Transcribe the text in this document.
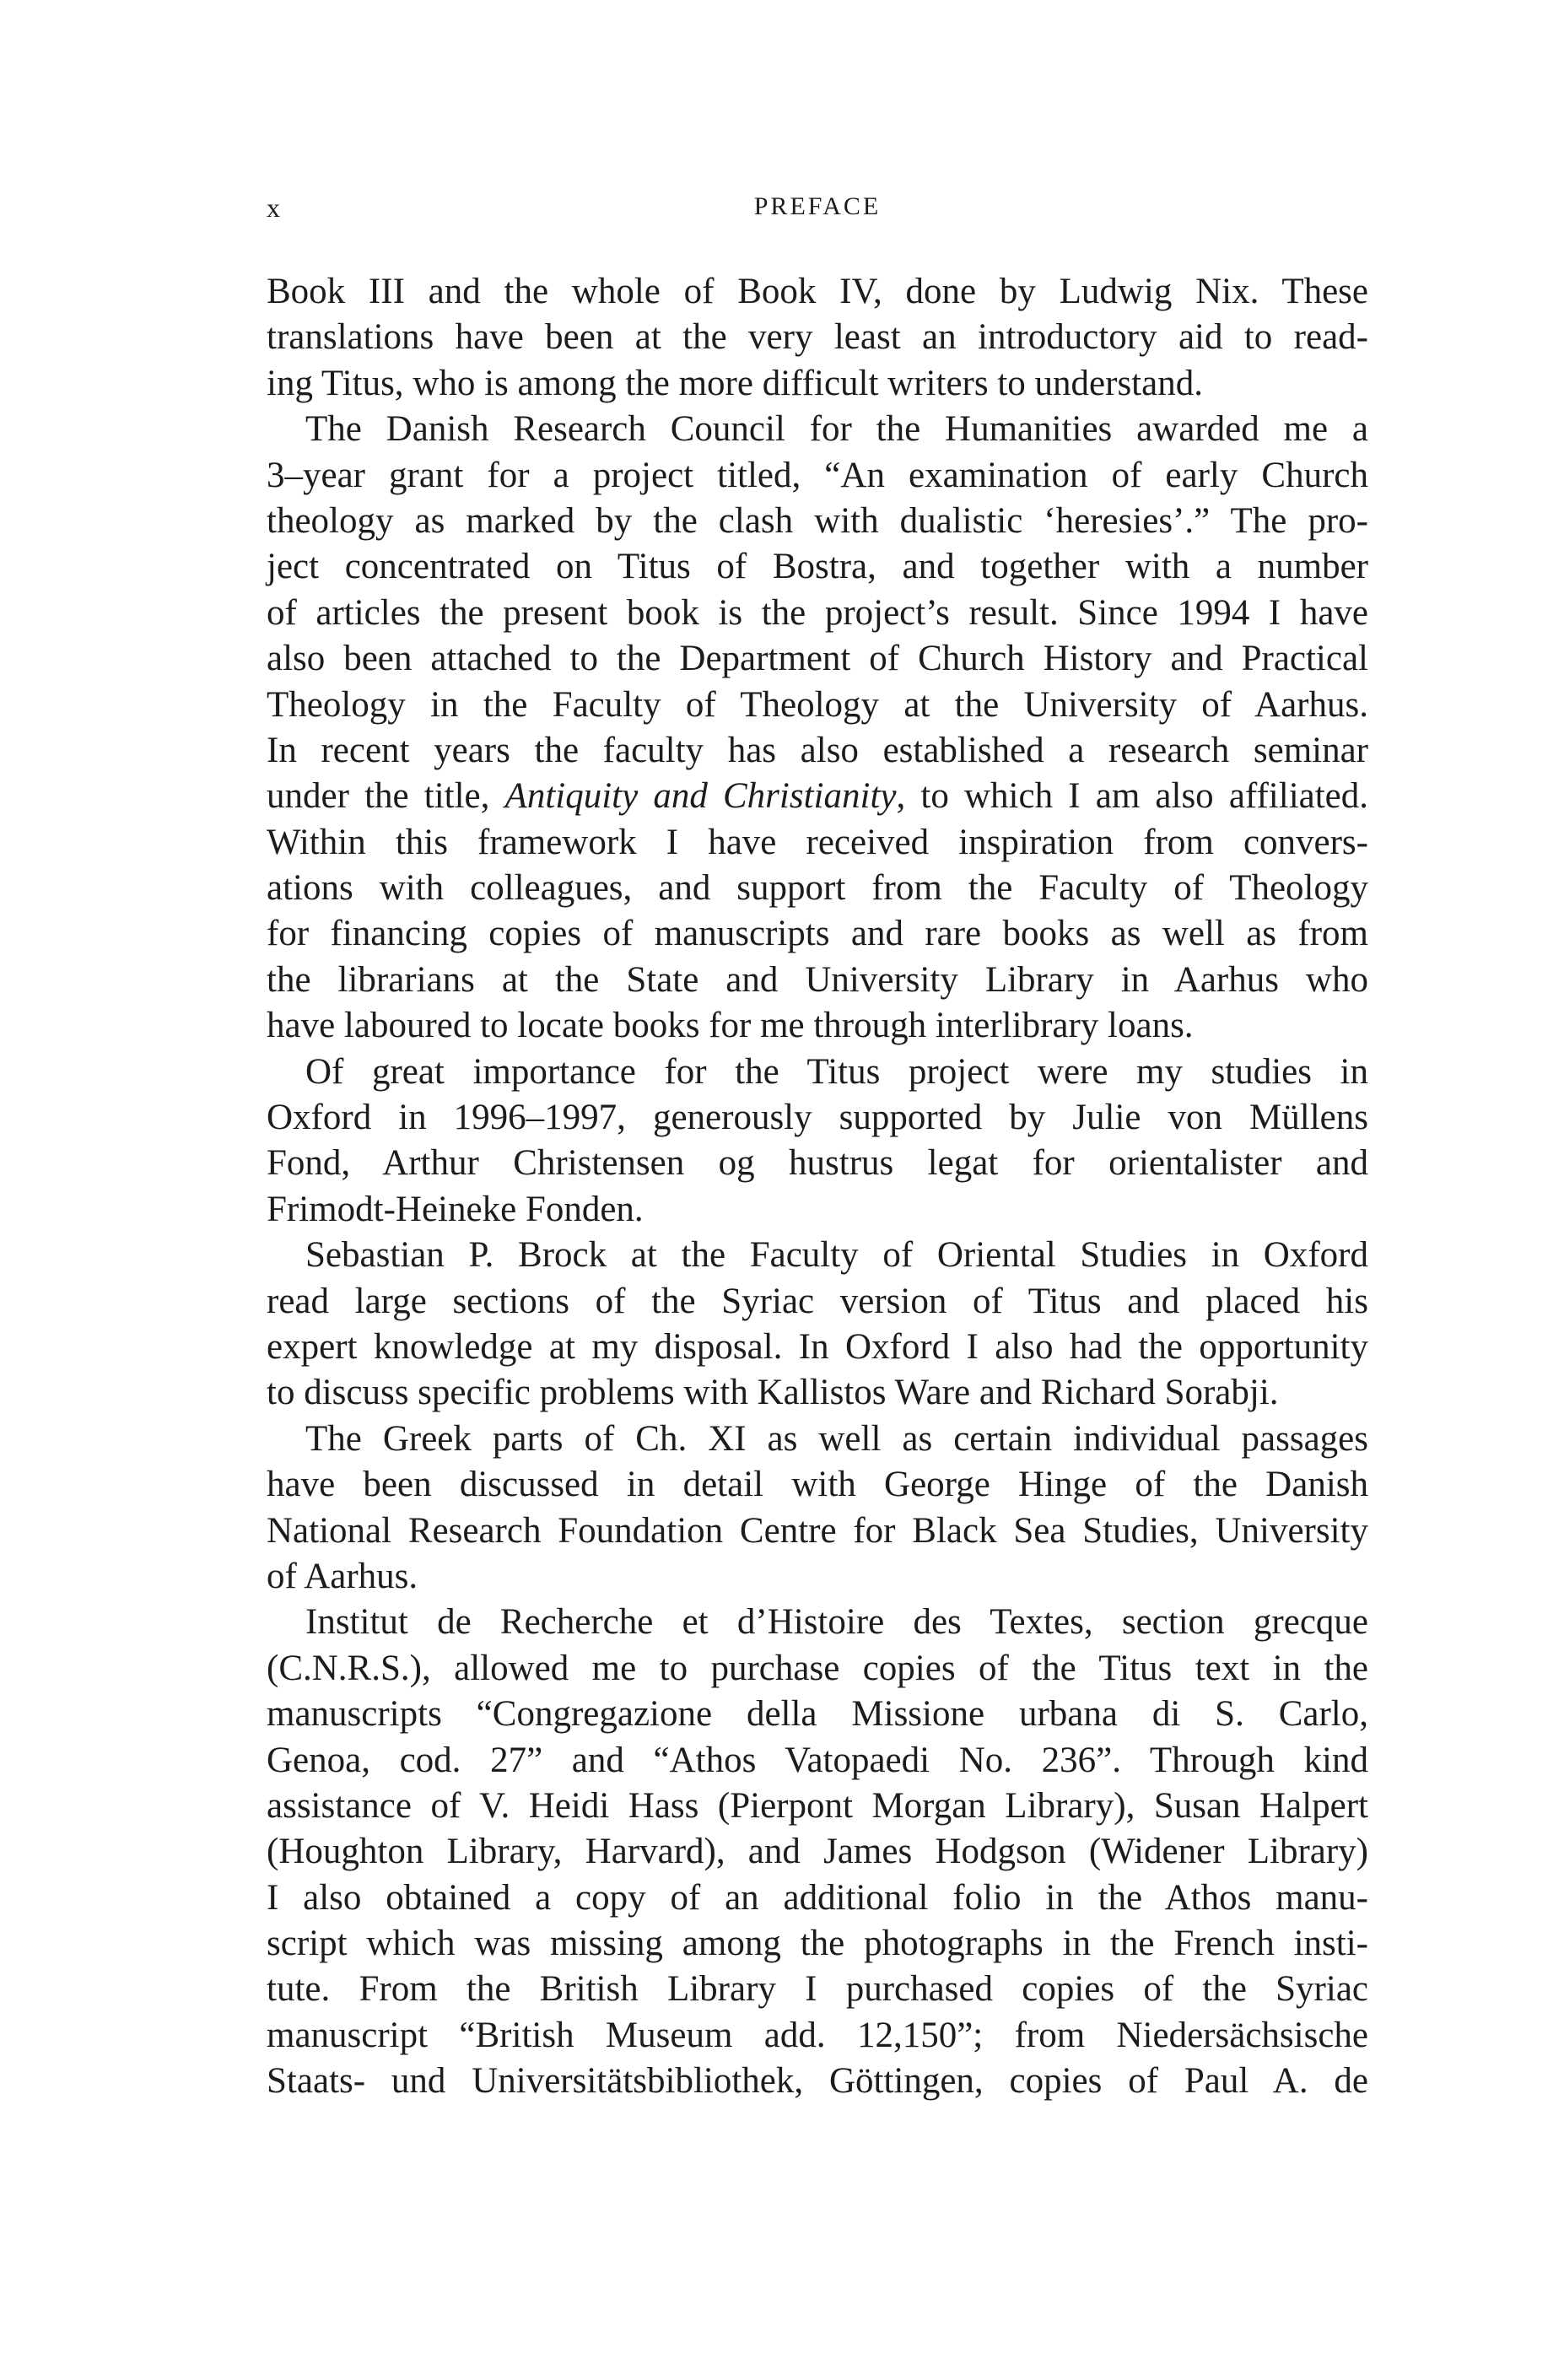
x	PREFACE
Book III and the whole of Book IV, done by Ludwig Nix. These
translations have been at the very least an introductory aid to read-
ing Titus, who is among the more difficult writers to understand.
The Danish Research Council for the Humanities awarded me a
3–year grant for a project titled, “An examination of early Church
theology as marked by the clash with dualistic ‘heresies’.” The pro-
ject concentrated on Titus of Bostra, and together with a number
of articles the present book is the project’s result. Since 1994 I have
also been attached to the Department of Church History and Practical
Theology in the Faculty of Theology at the University of Aarhus.
In recent years the faculty has also established a research seminar
under the title, Antiquity and Christianity, to which I am also affiliated.
Within this framework I have received inspiration from convers-
ations with colleagues, and support from the Faculty of Theology
for financing copies of manuscripts and rare books as well as from
the librarians at the State and University Library in Aarhus who
have laboured to locate books for me through interlibrary loans.
Of great importance for the Titus project were my studies in
Oxford in 1996–1997, generously supported by Julie von Müllens
Fond, Arthur Christensen og hustrus legat for orientalister and
Frimodt-Heineke Fonden.
Sebastian P. Brock at the Faculty of Oriental Studies in Oxford
read large sections of the Syriac version of Titus and placed his
expert knowledge at my disposal. In Oxford I also had the opportunity
to discuss specific problems with Kallistos Ware and Richard Sorabji.
The Greek parts of Ch. XI as well as certain individual passages
have been discussed in detail with George Hinge of the Danish
National Research Foundation Centre for Black Sea Studies, University
of Aarhus.
Institut de Recherche et d’Histoire des Textes, section grecque
(C.N.R.S.), allowed me to purchase copies of the Titus text in the
manuscripts “Congregazione della Missione urbana di S. Carlo,
Genoa, cod. 27” and “Athos Vatopaedi No. 236”. Through kind
assistance of V. Heidi Hass (Pierpont Morgan Library), Susan Halpert
(Houghton Library, Harvard), and James Hodgson (Widener Library)
I also obtained a copy of an additional folio in the Athos manu-
script which was missing among the photographs in the French insti-
tute. From the British Library I purchased copies of the Syriac
manuscript “British Museum add. 12,150”; from Niedersächsische
Staats- und Universitätsbibliothek, Göttingen, copies of Paul A. de
